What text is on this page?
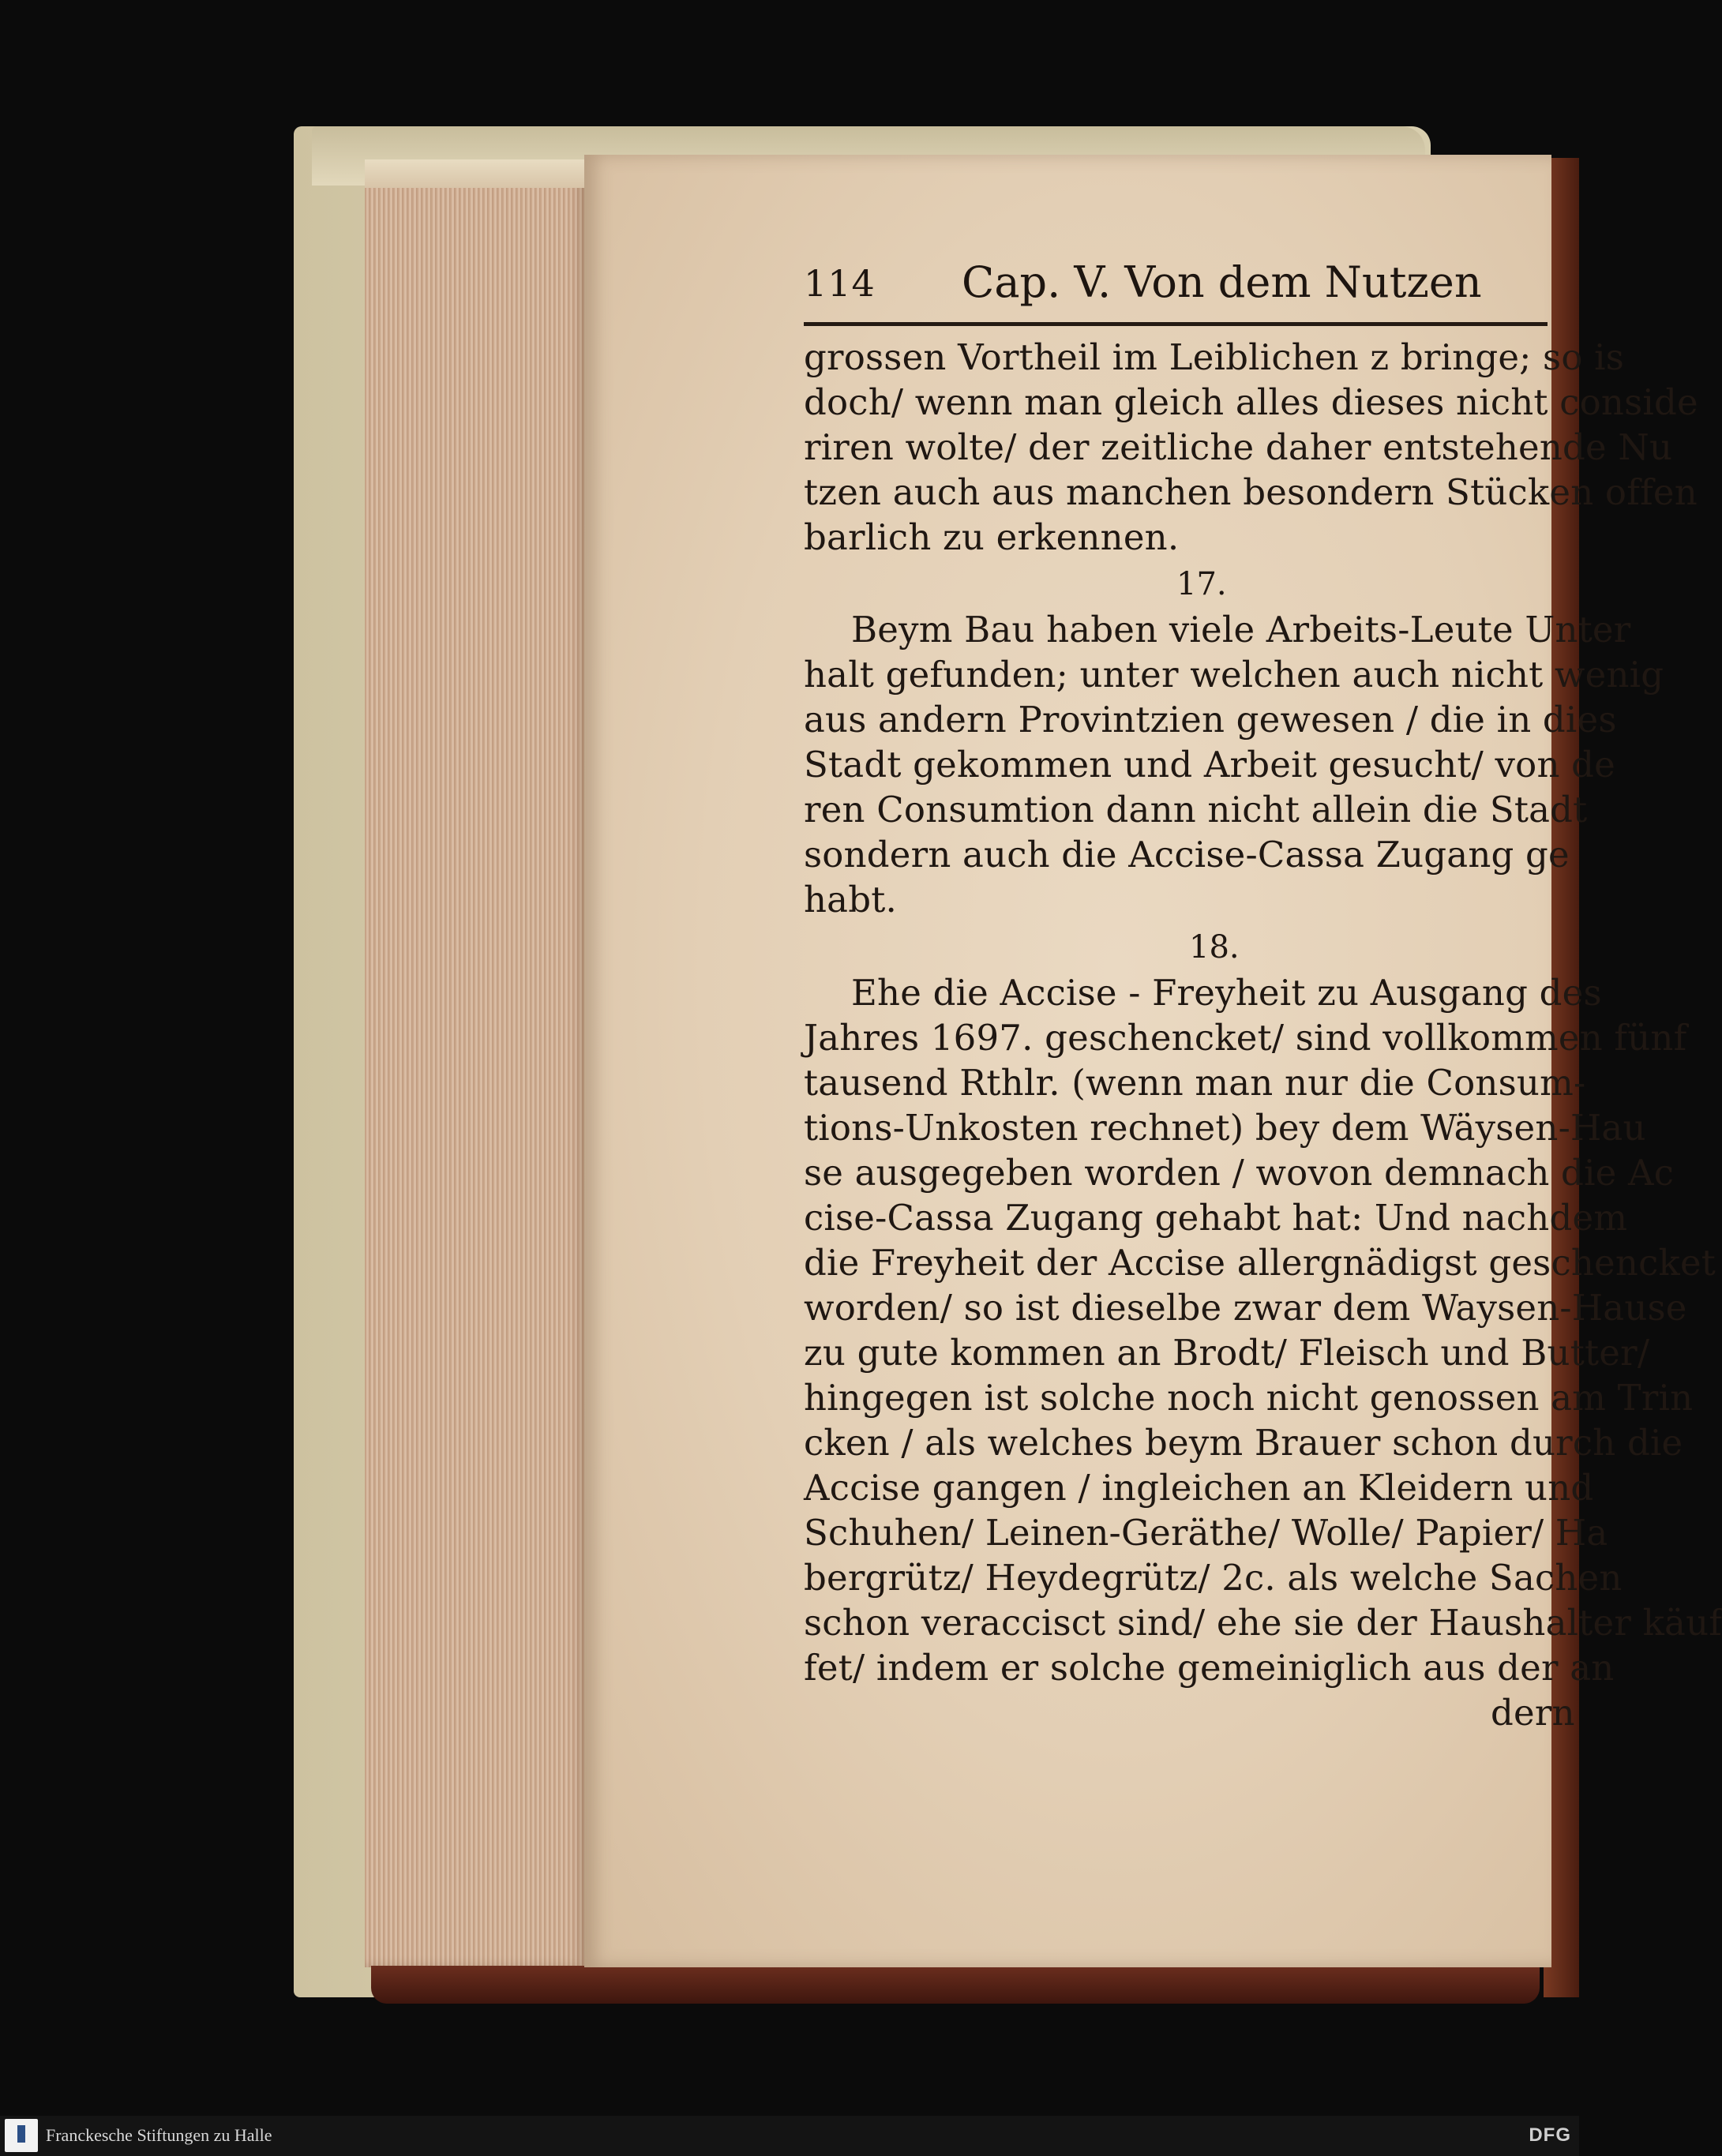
114 Cap. V. Von dem Nutzen
grossen Vortheil im Leiblichen z bringe; so is
doch/ wenn man gleich alles dieses nicht conside
riren wolte/ der zeitliche daher entstehende Nu
tzen auch aus manchen besondern Stücken offen
barlich zu erkennen.
17.
Beym Bau haben viele Arbeits-Leute Unter
halt gefunden; unter welchen auch nicht wenig
aus andern Provintzien gewesen / die in dies
Stadt gekommen und Arbeit gesucht/ von de
ren Consumtion dann nicht allein die Stadt
sondern auch die Accise-Cassa Zugang ge
habt.
18.
Ehe die Accise - Freyheit zu Ausgang des
Jahres 1697. geschencket/ sind vollkommen fünf
tausend Rthlr. (wenn man nur die Consum-
tions-Unkosten rechnet) bey dem Wäysen-Hau
se ausgegeben worden / wovon demnach die Ac
cise-Cassa Zugang gehabt hat: Und nachdem
die Freyheit der Accise allergnädigst geschencket
worden/ so ist dieselbe zwar dem Waysen-Hause
zu gute kommen an Brodt/ Fleisch und Butter/
hingegen ist solche noch nicht genossen am Trin
cken / als welches beym Brauer schon durch die
Accise gangen / ingleichen an Kleidern und
Schuhen/ Leinen-Geräthe/ Wolle/ Papier/ Ha
bergrütz/ Heydegrütz/ 2c. als welche Sachen
schon veraccisct sind/ ehe sie der Haushalter käuf
fet/ indem er solche gemeiniglich aus der an
dern
Franckesche Stiftungen zu Halle	DFG
